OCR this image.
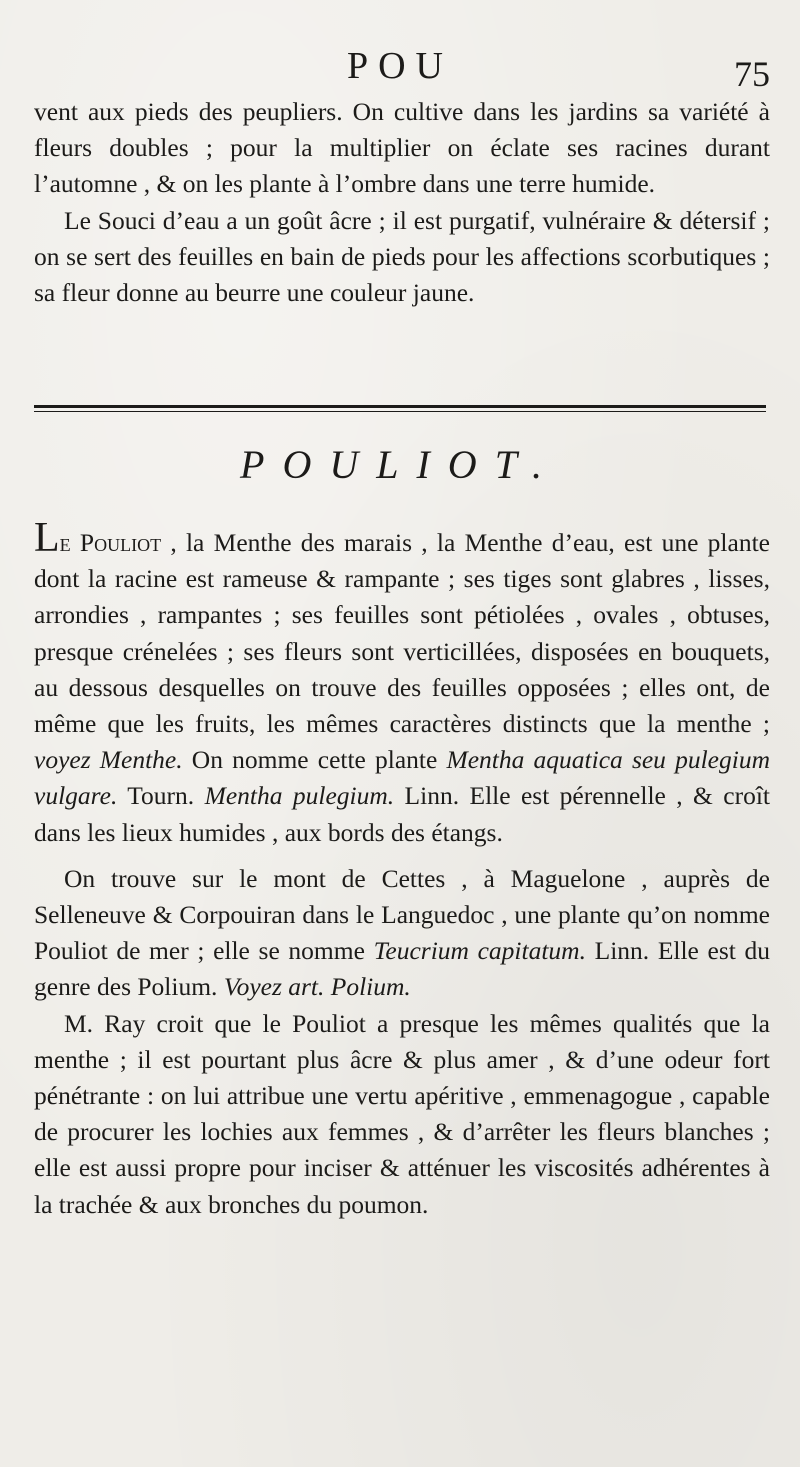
POU	75

vent aux pieds des peupliers. On cultive dans les jardins sa variété à fleurs doubles ; pour la multiplier on éclate ses racines durant l’automne , & on les plante à l’ombre dans une terre humide.

Le Souci d’eau a un goût âcre ; il est purgatif, vulnéraire & détersif ; on se sert des feuilles en bain de pieds pour les affections scorbutiques ; sa fleur donne au beurre une couleur jaune.

POULIOT.

Le Pouliot , la Menthe des marais , la Menthe d’eau, est une plante dont la racine est rameuse & rampante ; ses tiges sont glabres , lisses, arrondies , rampantes ; ses feuilles sont pétiolées , ovales , obtuses, presque crénelées ; ses fleurs sont verticillées, disposées en bouquets, au dessous desquelles on trouve des feuilles opposées ; elles ont, de même que les fruits, les mêmes caractères distincts que la menthe ; voyez Menthe. On nomme cette plante Mentha aquatica seu pulegium vulgare. Tourn. Mentha pulegium. Linn. Elle est pérennelle , & croît dans les lieux humides , aux bords des étangs.

On trouve sur le mont de Cettes , à Maguelone , auprès de Selleneuve & Corpouiran dans le Languedoc , une plante qu’on nomme Pouliot de mer ; elle se nomme Teucrium capitatum. Linn. Elle est du genre des Polium. Voyez art. Polium.

M. Ray croit que le Pouliot a presque les mêmes qualités que la menthe ; il est pourtant plus âcre & plus amer , & d’une odeur fort pénétrante : on lui attribue une vertu apéritive , emmenagogue , capable de procurer les lochies aux femmes , & d’arrêter les fleurs blanches ; elle est aussi propre pour inciser & atténuer les viscosités adhérentes à la trachée & aux bronches du poumon.
